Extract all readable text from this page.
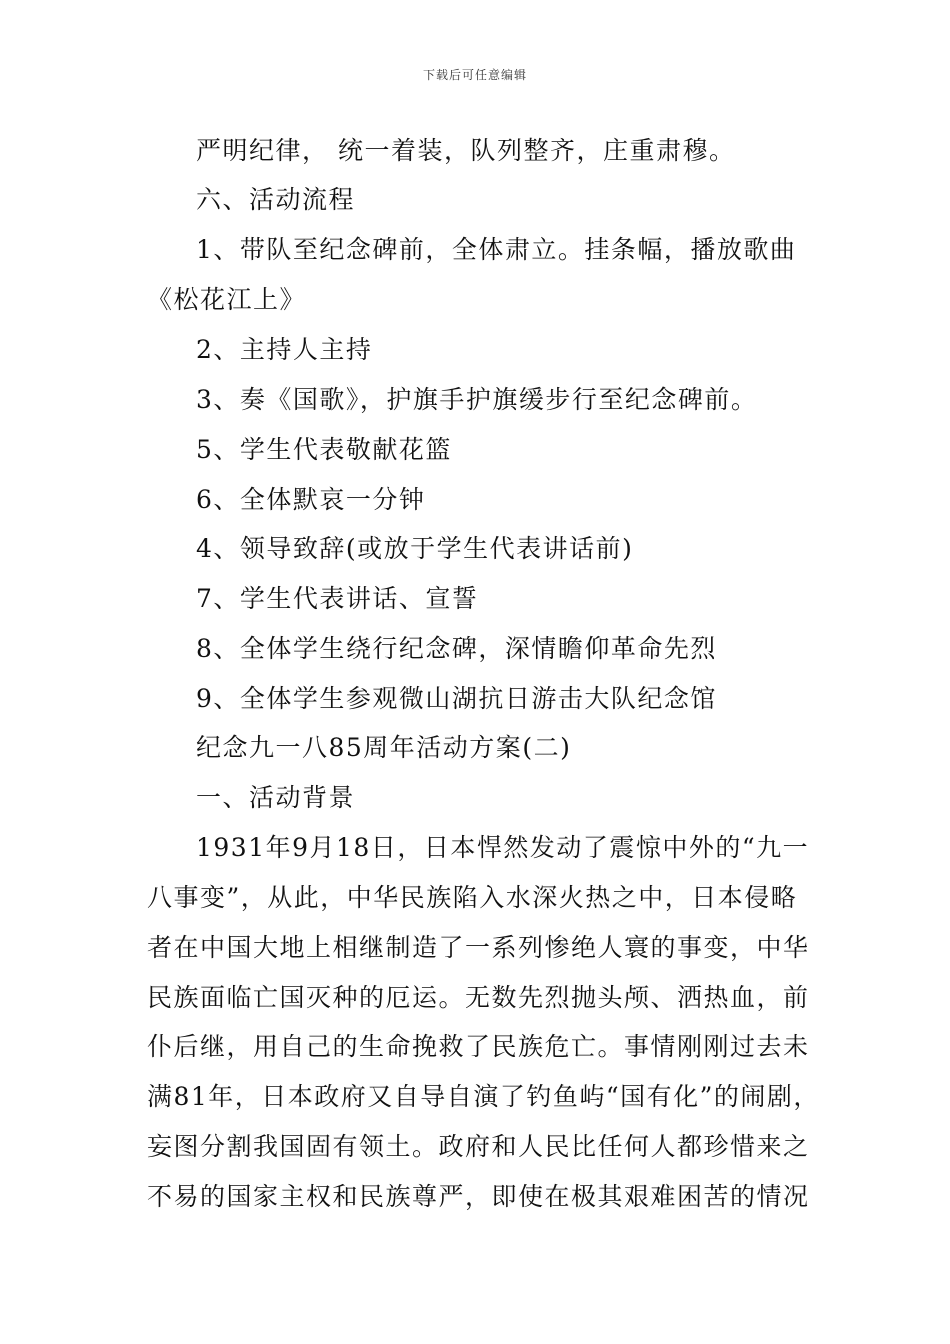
下载后可任意编辑
严明纪律， 统一着装，队列整齐，庄重肃穆。
六、活动流程
1、带队至纪念碑前，全体肃立。挂条幅，播放歌曲
《松花江上》
2、主持人主持
3、奏《国歌》，护旗手护旗缓步行至纪念碑前。
5、学生代表敬献花篮
6、全体默哀一分钟
4、领导致辞(或放于学生代表讲话前)
7、学生代表讲话、宣誓
8、全体学生绕行纪念碑，深情瞻仰革命先烈
9、全体学生参观微山湖抗日游击大队纪念馆
纪念九一八85周年活动方案(二)
一、活动背景
1931年9月18日，日本悍然发动了震惊中外的“九一
八事变”，从此，中华民族陷入水深火热之中，日本侵略
者在中国大地上相继制造了一系列惨绝人寰的事变，中华
民族面临亡国灭种的厄运。无数先烈抛头颅、洒热血，前
仆后继，用自己的生命挽救了民族危亡。事情刚刚过去未
满81年，日本政府又自导自演了钓鱼屿“国有化”的闹剧，
妄图分割我国固有领土。政府和人民比任何人都珍惜来之
不易的国家主权和民族尊严，即使在极其艰难困苦的情况
